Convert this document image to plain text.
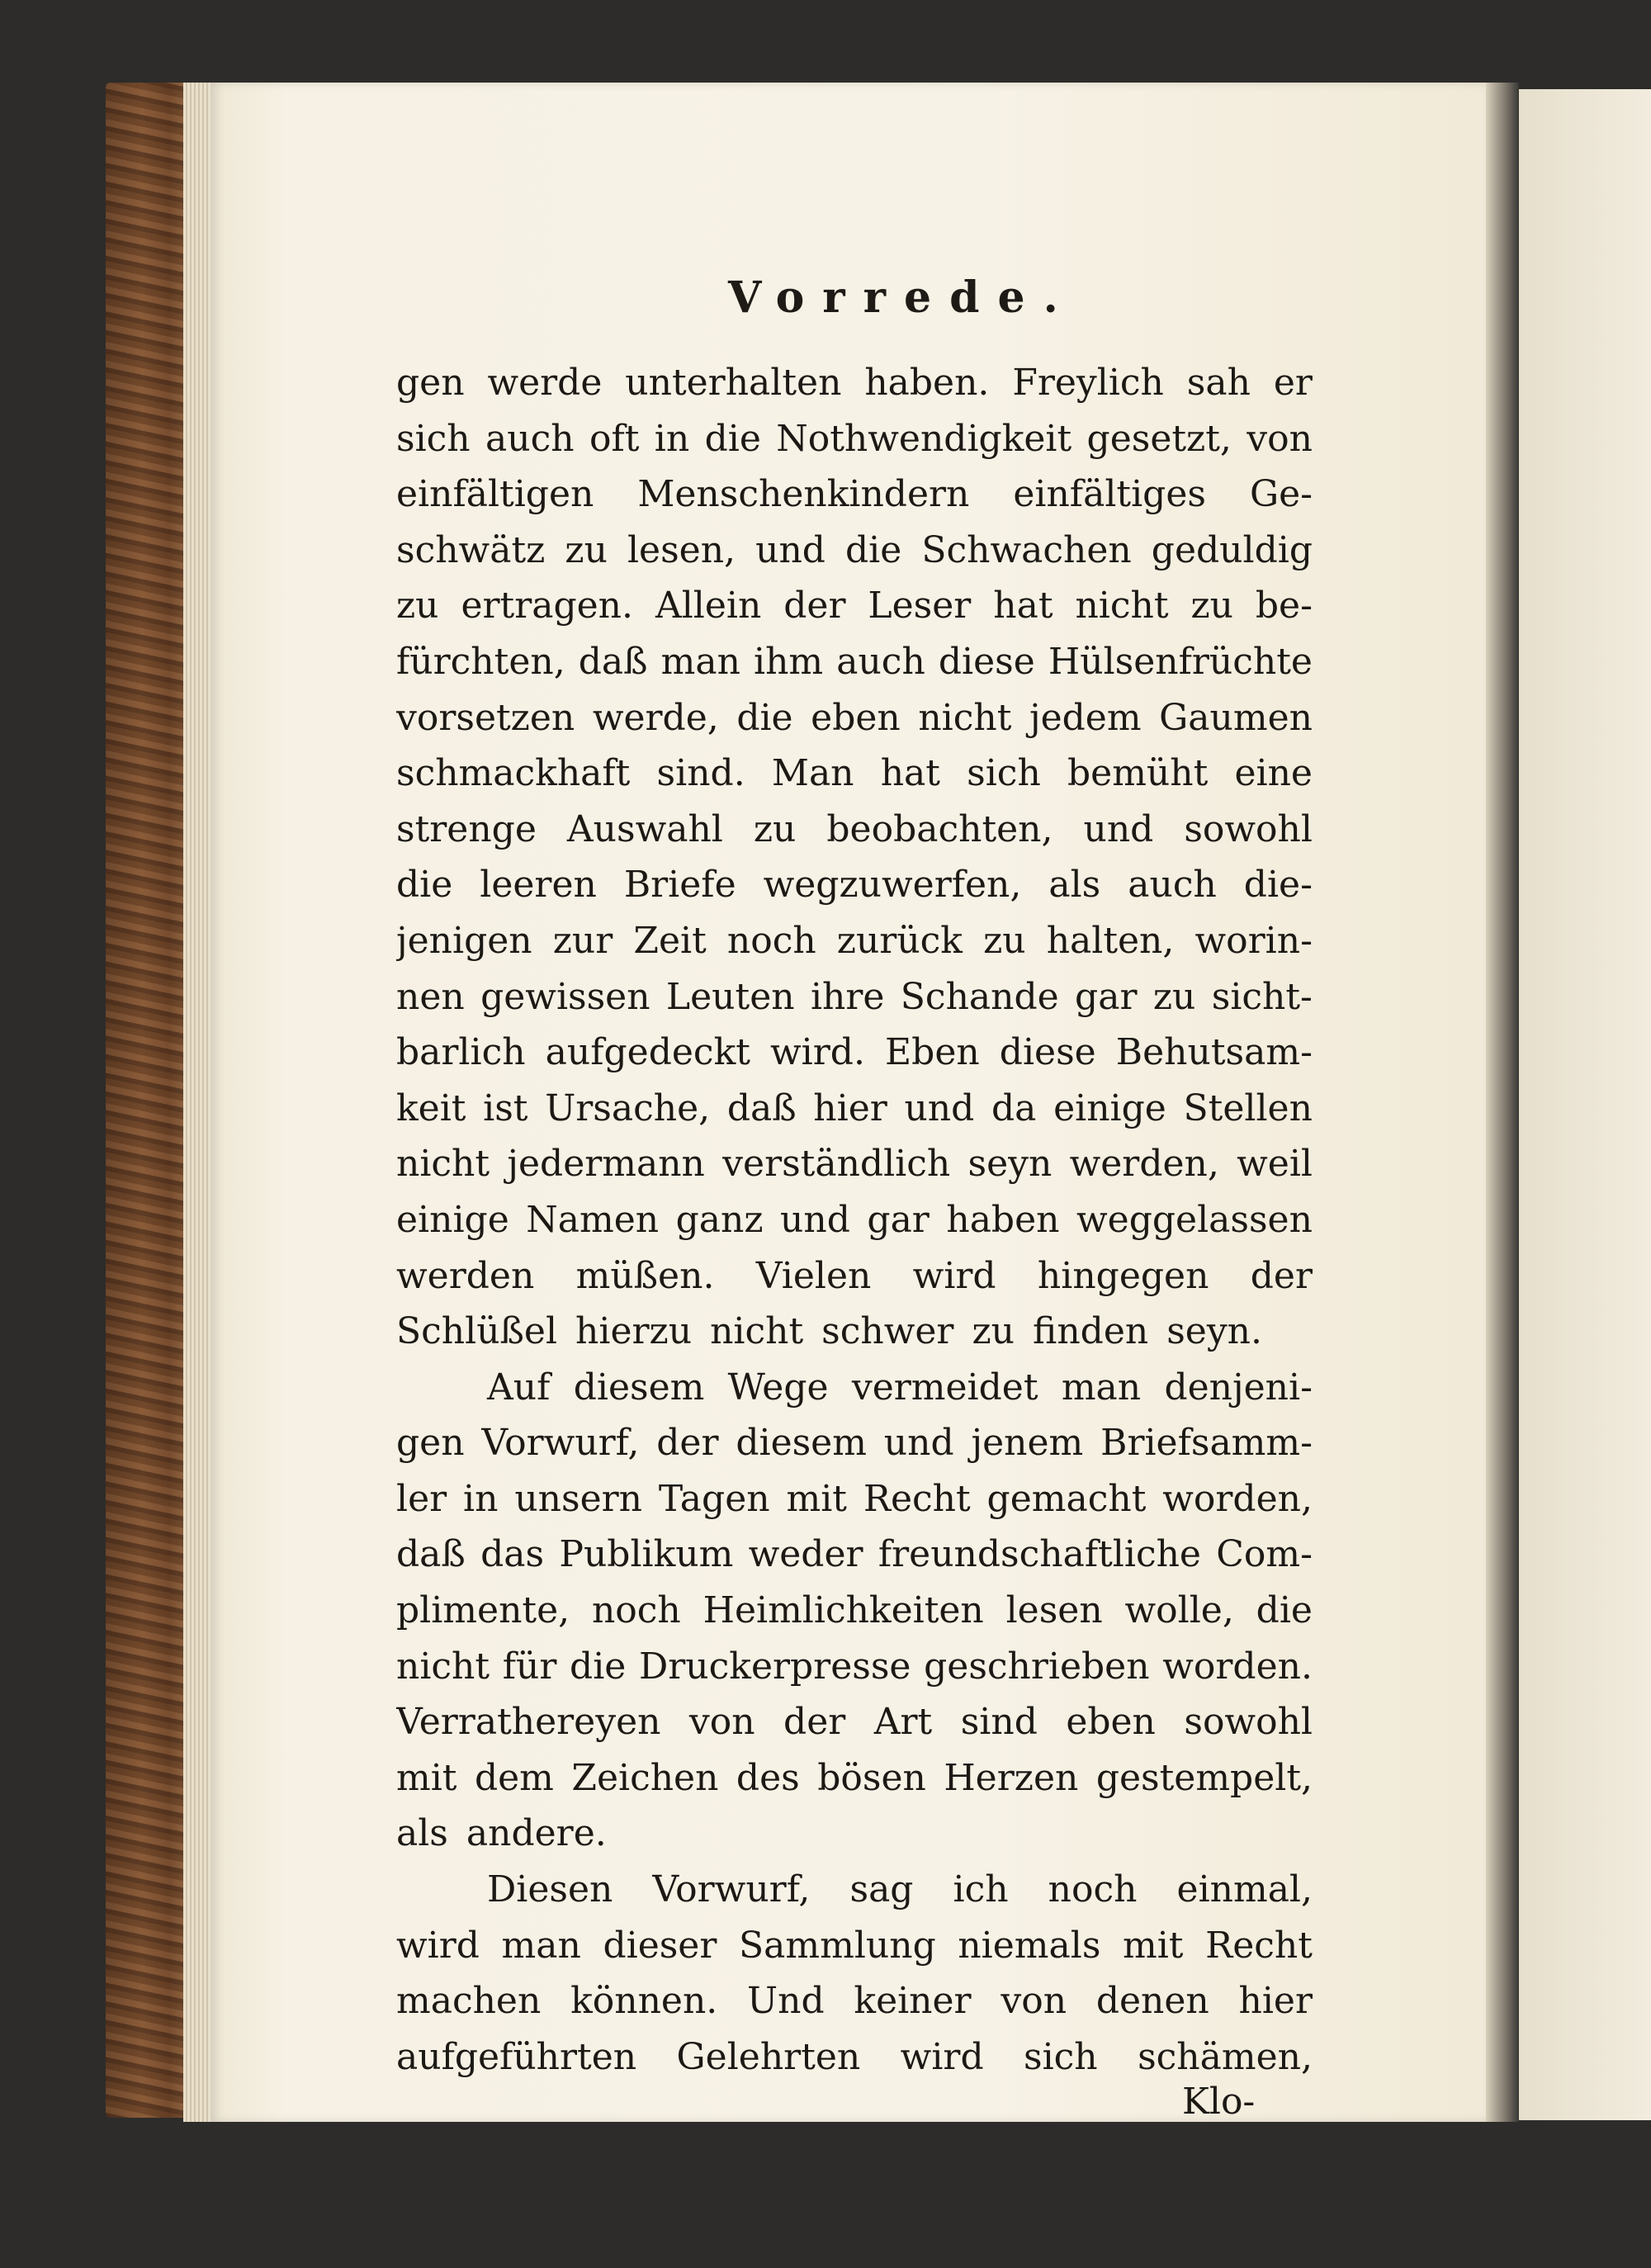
Vorrede.
gen werde unterhalten haben. Freylich sah er
sich auch oft in die Nothwendigkeit gesetzt, von
einfältigen Menschenkindern einfältiges Ge-
schwätz zu lesen, und die Schwachen geduldig
zu ertragen. Allein der Leser hat nicht zu be-
fürchten, daß man ihm auch diese Hülsenfrüchte
vorsetzen werde, die eben nicht jedem Gaumen
schmackhaft sind. Man hat sich bemüht eine
strenge Auswahl zu beobachten, und sowohl
die leeren Briefe wegzuwerfen, als auch die-
jenigen zur Zeit noch zurück zu halten, worin-
nen gewissen Leuten ihre Schande gar zu sicht-
barlich aufgedeckt wird. Eben diese Behutsam-
keit ist Ursache, daß hier und da einige Stellen
nicht jedermann verständlich seyn werden, weil
einige Namen ganz und gar haben weggelassen
werden müßen. Vielen wird hingegen der
Schlüßel hierzu nicht schwer zu finden seyn.
Auf diesem Wege vermeidet man denjeni-
gen Vorwurf, der diesem und jenem Briefsamm-
ler in unsern Tagen mit Recht gemacht worden,
daß das Publikum weder freundschaftliche Com-
plimente, noch Heimlichkeiten lesen wolle, die
nicht für die Druckerpresse geschrieben worden.
Verrathereyen von der Art sind eben sowohl
mit dem Zeichen des bösen Herzen gestempelt,
als andere.
Diesen Vorwurf, sag ich noch einmal,
wird man dieser Sammlung niemals mit Recht
machen können. Und keiner von denen hier
aufgeführten Gelehrten wird sich schämen,
Klo-
